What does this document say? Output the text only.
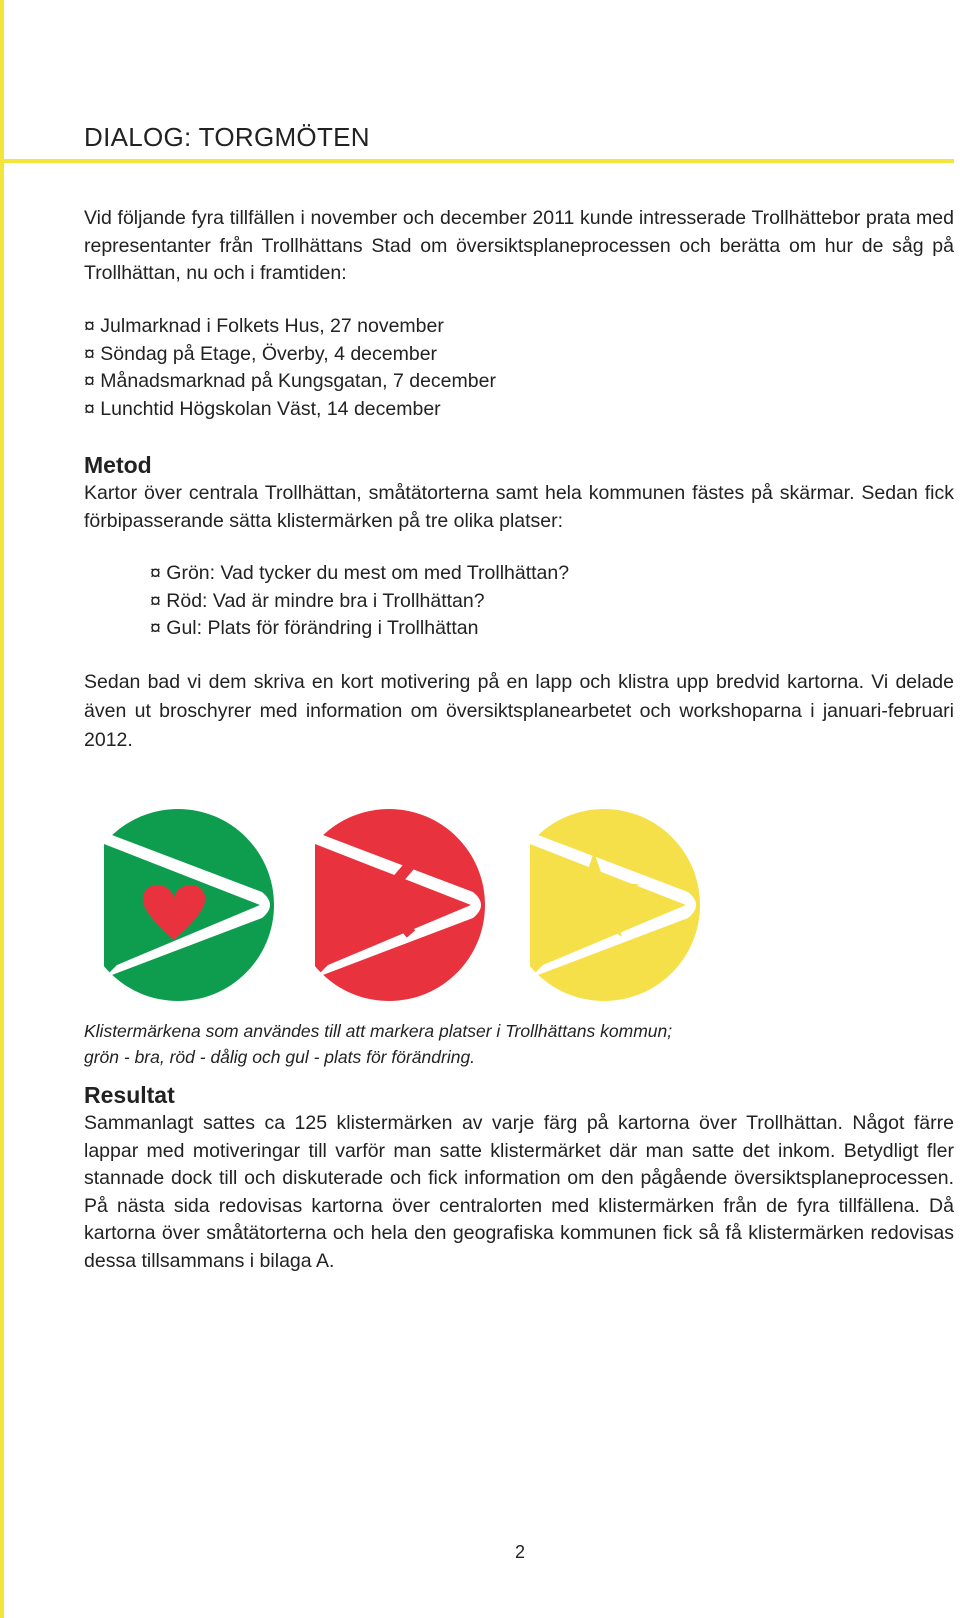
DIALOG: TORGMÖTEN
Vid följande fyra tillfällen i november och december 2011 kunde intresserade Trollhättebor prata med representanter från Trollhättans Stad om översiktsplaneprocessen och berätta om hur de såg på Trollhättan, nu och i framtiden:
¤ Julmarknad i Folkets Hus, 27 november
¤ Söndag på Etage, Överby, 4 december
¤ Månadsmarknad på Kungsgatan, 7 december
¤ Lunchtid Högskolan Väst, 14 december
Metod
Kartor över centrala Trollhättan, småtätorterna samt hela kommunen fästes på skärmar. Sedan fick förbipasserande sätta klistermärken på tre olika platser:
¤ Grön: Vad tycker du mest om med Trollhättan?
¤ Röd: Vad är mindre bra i Trollhättan?
¤ Gul: Plats för förändring i Trollhättan
Sedan bad vi dem skriva en kort motivering på en lapp och klistra upp bredvid kartorna. Vi delade även ut broschyrer med information om översiktsplanearbetet och workshoparna i januari-februari 2012.
Klistermärkena som användes till att markera platser i Trollhättans kommun;
grön - bra, röd - dålig och gul - plats för förändring.
Resultat
Sammanlagt sattes ca 125 klistermärken av varje färg på kartorna över Trollhättan. Något färre lappar med motiveringar till varför man satte klistermärket där man satte det inkom. Betydligt fler stannade dock till och diskuterade och fick information om den pågående översiktsplaneprocessen. På nästa sida redovisas kartorna över centralorten med klistermärken från de fyra tillfällena. Då kartorna över småtätorterna och hela den geografiska kommunen fick så få klistermärken redovisas dessa tillsammans i bilaga A.
2
